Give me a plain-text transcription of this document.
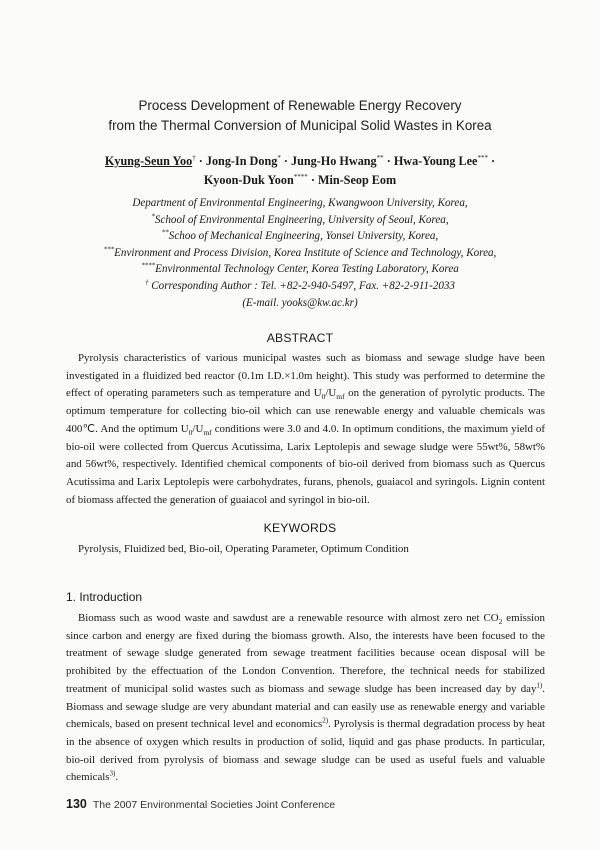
Process Development of Renewable Energy Recovery
from the Thermal Conversion of Municipal Solid Wastes in Korea
Kyung-Seun Yoo† · Jong-In Dong* · Jung-Ho Hwang** · Hwa-Young Lee*** ·
Kyoon-Duk Yoon**** · Min-Seop Eom
Department of Environmental Engineering, Kwangwoon University, Korea,
*School of Environmental Engineering, University of Seoul, Korea,
**Schoo of Mechanical Engineering, Yonsei University, Korea,
***Environment and Process Division, Korea Institute of Science and Technology, Korea,
****Environmental Technology Center, Korea Testing Laboratory, Korea
† Corresponding Author : Tel. +82-2-940-5497, Fax. +82-2-911-2033
(E-mail. yooks@kw.ac.kr)
ABSTRACT

Pyrolysis characteristics of various municipal wastes such as biomass and sewage sludge have been investigated in a fluidized bed reactor (0.1m I.D.×1.0m height). This study was performed to determine the effect of operating parameters such as temperature and $U_0/U_{mf}$ on the generation of pyrolytic products. The optimum temperature for collecting bio-oil which can use renewable energy and valuable chemicals was 400℃. And the optimum $U_0/U_{mf}$ conditions were 3.0 and 4.0. In optimum conditions, the maximum yield of bio-oil were collected from Quercus Acutissima, Larix Leptolepis and sewage sludge were 55wt%, 58wt% and 56wt%, respectively. Identified chemical components of bio-oil derived from biomass such as Quercus Acutissima and Larix Leptolepis were carbohydrates, furans, phenols, guaiacol and syringols. Lignin content of biomass affected the generation of guaiacol and syringol in bio-oil.

KEYWORDS
Pyrolysis, Fluidized bed, Bio-oil, Operating Parameter, Optimum Condition
1. Introduction

Biomass such as wood waste and sawdust are a renewable resource with almost zero net $CO_2$ emission since carbon and energy are fixed during the biomass growth. Also, the interests have been focused to the treatment of sewage sludge generated from sewage treatment facilities because ocean disposal will be prohibited by the effectuation of the London Convention. Therefore, the technical needs for stabilized treatment of municipal solid wastes such as biomass and sewage sludge has been increased day by day$^{1)}$. Biomass and sewage sludge are very abundant material and can easily use as renewable energy and variable chemicals, based on present technical level and economics$^{2)}$. Pyrolysis is thermal degradation process by heat in the absence of oxygen which results in production of solid, liquid and gas phase products. In particular, bio-oil derived from pyrolysis of biomass and sewage sludge can be used as useful fuels and valuable chemicals$^{3)}$.

130 The 2007 Environmental Societies Joint Conference
